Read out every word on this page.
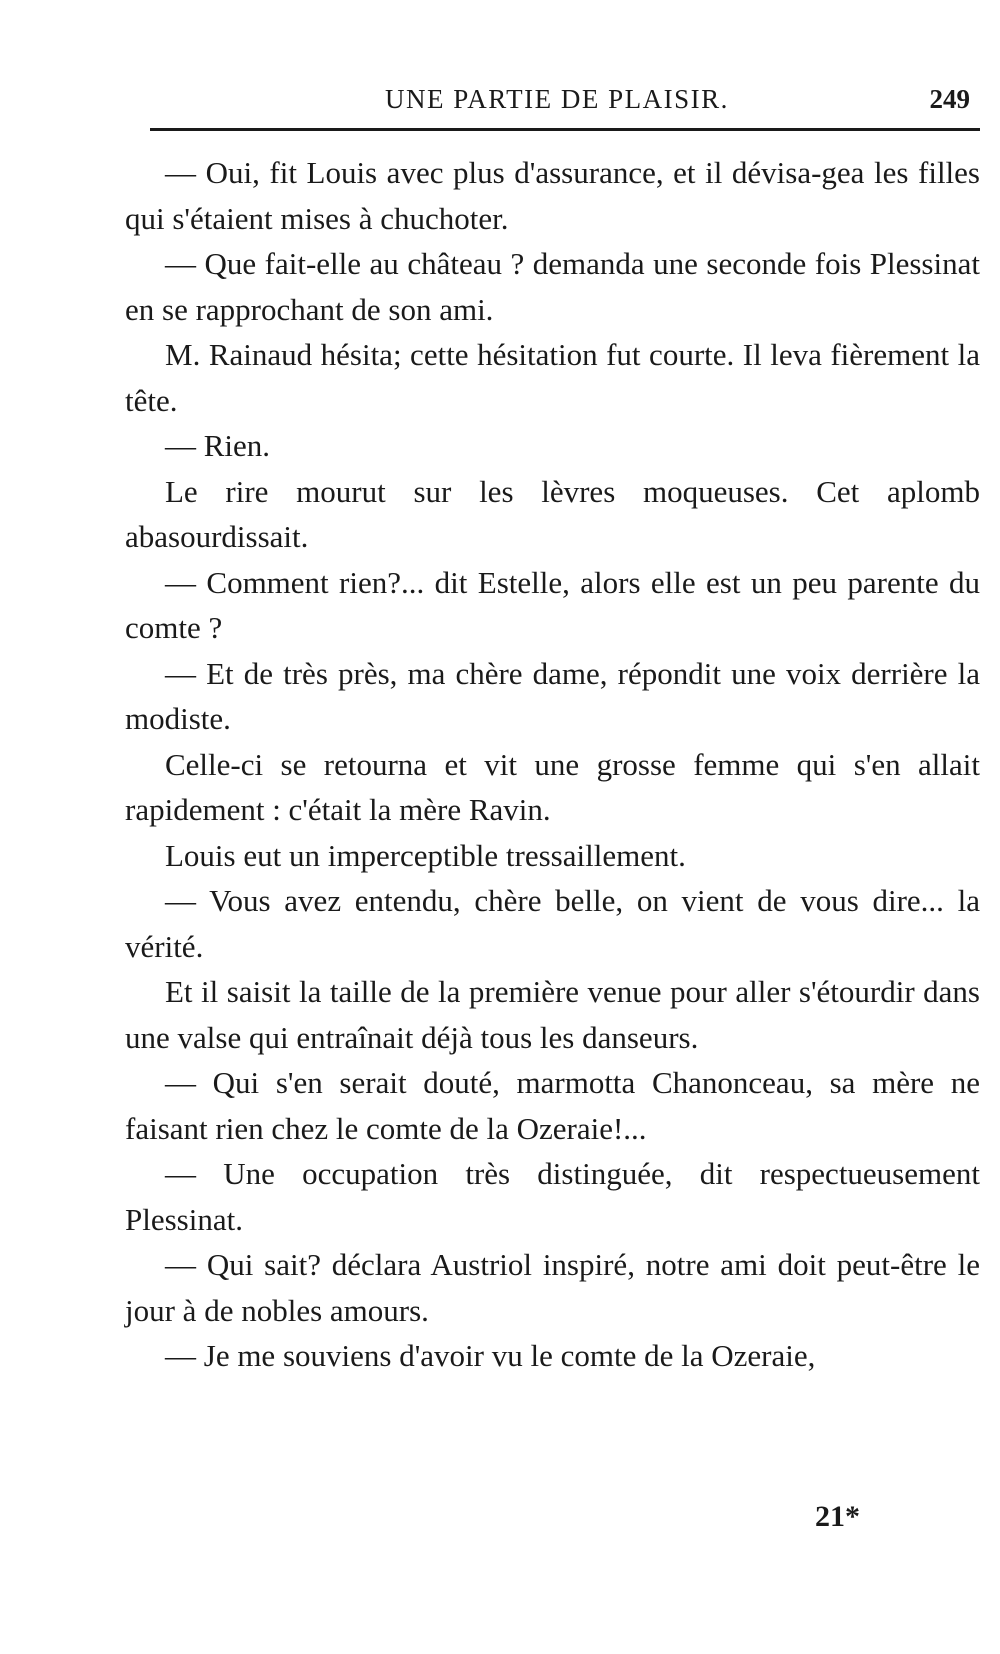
UNE PARTIE DE PLAISIR.	249

— Oui, fit Louis avec plus d'assurance, et il dévisa-geа les filles qui s'étaient mises à chuchoter.

— Que fait-elle au château ? demanda une seconde fois Plessinat en se rapprochant de son ami.

M. Rainaud hésita; cette hésitation fut courte. Il leva fièrement la tête.

— Rien.

Le rire mourut sur les lèvres moqueuses. Cet aplomb abasourdissait.

— Comment rien?... dit Estelle, alors elle est un peu parente du comte ?

— Et de très près, ma chère dame, répondit une voix derrière la modiste.

Celle-ci se retourna et vit une grosse femme qui s'en allait rapidement : c'était la mère Ravin.

Louis eut un imperceptible tressaillement.

— Vous avez entendu, chère belle, on vient de vous dire... la vérité.

Et il saisit la taille de la première venue pour aller s'étourdir dans une valse qui entraînait déjà tous les danseurs.

— Qui s'en serait douté, marmotta Chanonceau, sa mère ne faisant rien chez le comte de la Ozeraie!...

— Une occupation très distinguée, dit respectueusement Plessinat.

— Qui sait? déclara Austriol inspiré, notre ami doit peut-être le jour à de nobles amours.

— Je me souviens d'avoir vu le comte de la Ozeraie,

21*
